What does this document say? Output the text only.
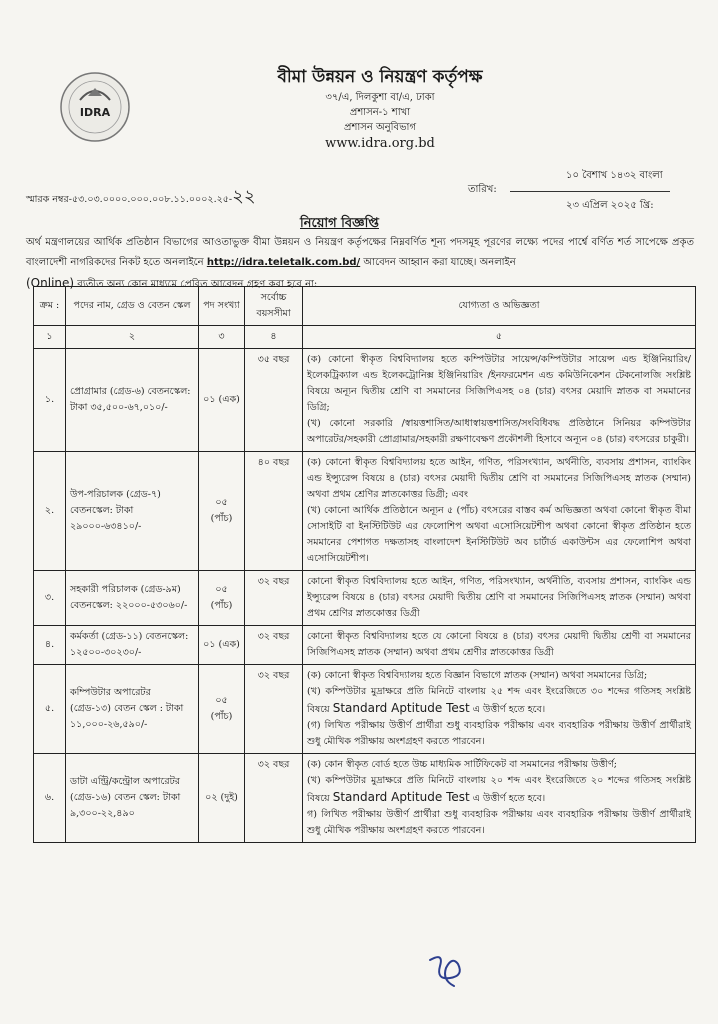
IDRA
বীমা উন্নয়ন ও নিয়ন্ত্রণ কর্তৃপক্ষ
৩৭/এ, দিলকুশা বা/এ, ঢাকা
প্রশাসন-১ শাখা
প্রশাসন অনুবিভাগ
www.idra.org.bd
স্মারক নম্বর-৫৩.০৩.০০০০.০০০.০০৮.১১.০০০২.২৫-২২
১০ বৈশাখ ১৪৩২ বাংলা
তারিখ:
২৩ এপ্রিল ২০২৫ খ্রি:
নিয়োগ বিজ্ঞপ্তি
অর্থ মন্ত্রণালয়ের আর্থিক প্রতিষ্ঠান বিভাগের আওতাভুক্ত বীমা উন্নয়ন ও নিয়ন্ত্রণ কর্তৃপক্ষের নিম্নবর্ণিত শূন্য পদসমূহ পূরণের লক্ষ্যে পদের পার্শ্বে বর্ণিত শর্ত সাপেক্ষে প্রকৃত বাংলাদেশী নাগরিকদের নিকট হতে অনলাইনে http://idra.teletalk.com.bd/ আবেদন আহ্বান করা যাচ্ছে। অনলাইন
(Online) ব্যতীত অন্য কোন মাধ্যমে প্রেরিত আবেদন গ্রহণ করা হবে না:
ক্রম :	পদের নাম, গ্রেড ও বেতন স্কেল	পদ সংখ্যা	সর্বোচ্চ বয়সসীমা	যোগ্যতা ও অভিজ্ঞতা
১	২	৩	৪	৫
১.	প্রোগ্রামার (গ্রেড-৬) বেতনস্কেল: টাকা ৩৫,৫০০-৬৭,০১০/-	০১ (এক)	৩৫ বছর	(ক) কোনো স্বীকৃত বিশ্ববিদ্যালয় হতে কম্পিউটার সায়েন্স/কম্পিউটার সায়েন্স এন্ড ইঞ্জিনিয়ারিং/ইলেকট্রিক্যাল এন্ড ইলেকট্রোনিক্স ইঞ্জিনিয়ারিং /ইনফরমেশন এন্ড কমিউনিকেশন টেকনোলজি সংশ্লিষ্ট বিষয়ে অন্যূন দ্বিতীয় শ্রেণি বা সমমানের সিজিপিএসহ ০৪ (চার) বৎসর মেয়াদি স্নাতক বা সমমানের ডিগ্রি;
(খ) কোনো সরকারি /স্বায়ত্তশাসিত/আধাস্বায়ত্তশাসিত/সংবিধিবদ্ধ প্রতিষ্ঠানে সিনিয়র কম্পিউটার অপারেটর/সহকারী প্রোগ্রামার/সহকারী রক্ষণাবেক্ষণ প্রকৌশলী হিসাবে অন্যূন ০৪ (চার) বৎসরের চাকুরী।

২.	উপ-পরিচালক (গ্রেড-৭) বেতনস্কেল: টাকা ২৯০০০-৬৩৪১০/-	০৫ (পাঁচ)	৪০ বছর	(ক) কোনো স্বীকৃত বিশ্ববিদ্যালয় হতে আইন, গণিত, পরিসংখ্যান, অর্থনীতি, ব্যবসায় প্রশাসন, ব্যাংকিং এন্ড ইন্স্যুরেন্স বিষয়ে ৪ (চার) বৎসর মেয়াদী দ্বিতীয় শ্রেণি বা সমমানের সিজিপিএসহ স্নাতক (সম্মান) অথবা প্রথম শ্রেণির স্নাতকোত্তর ডিগ্রী; এবং
(খ) কোনো আর্থিক প্রতিষ্ঠানে অন্যূন ৫ (পাঁচ) বৎসরের বাস্তব কর্ম অভিজ্ঞতা অথবা কোনো স্বীকৃত বীমা সোসাইটি বা ইনস্টিটিউট এর ফেলোশিপ অথবা এসোসিয়েটশীপ অথবা কোনো স্বীকৃত প্রতিষ্ঠান হতে সমমানের পেশাগত দক্ষতাসহ বাংলাদেশ ইনস্টিটিউট অব চার্টার্ড একাউন্টস এর ফেলোশিপ অথবা এসোসিয়েটশীপ।

৩.	সহকারী পরিচালক (গ্রেড-৯ম) বেতনস্কেল: ২২০০০-৫৩০৬০/-	০৫ (পাঁচ)	৩২ বছর	কোনো স্বীকৃত বিশ্ববিদ্যালয় হতে আইন, গণিত, পরিসংখ্যান, অর্থনীতি, ব্যবসায় প্রশাসন, ব্যাংকিং এন্ড ইন্স্যুরেন্স বিষয়ে ৪ (চার) বৎসর মেয়াদী দ্বিতীয় শ্রেণি বা সমমানের সিজিপিএসহ স্নাতক (সম্মান) অথবা প্রথম শ্রেণির স্নাতকোত্তর ডিগ্রী

৪.	কর্মকর্তা (গ্রেড-১১) বেতনস্কেল: ১২৫০০-৩০২৩০/-	০১ (এক)	৩২ বছর	কোনো স্বীকৃত বিশ্ববিদ্যালয় হতে যে কোনো বিষয়ে ৪ (চার) বৎসর মেয়াদী দ্বিতীয় শ্রেণী বা সমমানের সিজিপিএসহ স্নাতক (সম্মান) অথবা প্রথম শ্রেণীর স্নাতকোত্তর ডিগ্রী

৫.	কম্পিউটার অপারেটর (গ্রেড-১৩) বেতন স্কেল : টাকা ১১,০০০-২৬,৫৯০/-	০৫ (পাঁচ)	৩২ বছর	(ক) কোনো স্বীকৃত বিশ্ববিদ্যালয় হতে বিজ্ঞান বিভাগে স্নাতক (সম্মান) অথবা সমমানের ডিগ্রি;
(খ) কম্পিউটার মুদ্রাক্ষরে প্রতি মিনিটে বাংলায় ২৫ শব্দ এবং ইংরেজিতে ৩০ শব্দের গতিসহ সংশ্লিষ্ট বিষয়ে Standard Aptitude Test এ উত্তীর্ণ হতে হবে।
(গ) লিখিত পরীক্ষায় উত্তীর্ণ প্রার্থীরা শুধু ব্যবহারিক পরীক্ষায় এবং ব্যবহারিক পরীক্ষায় উত্তীর্ণ প্রার্থীরাই শুধু মৌখিক পরীক্ষায় অংশগ্রহণ করতে পারবেন।

৬.	ডাটা এন্ট্রি/কন্ট্রোল অপারেটর (গ্রেড-১৬) বেতন স্কেল: টাকা ৯,৩০০-২২,৪৯০	০২ (দুই)	৩২ বছর	(ক) কোন স্বীকৃত বোর্ড হতে উচ্চ মাধ্যমিক সার্টিফিকেট বা সমমানের পরীক্ষায় উত্তীর্ণ;
(খ) কম্পিউটার মুদ্রাক্ষরে প্রতি মিনিটে বাংলায় ২০ শব্দ এবং ইংরেজিতে ২০ শব্দের গতিসহ সংশ্লিষ্ট বিষয়ে Standard Aptitude Test এ উত্তীর্ণ হতে হবে।
গ) লিখিত পরীক্ষায় উত্তীর্ণ প্রার্থীরা শুধু ব্যবহারিক পরীক্ষায় এবং ব্যবহারিক পরীক্ষায় উত্তীর্ণ প্রার্থীরাই শুধু মৌখিক পরীক্ষায় অংশগ্রহণ করতে পারবেন।
